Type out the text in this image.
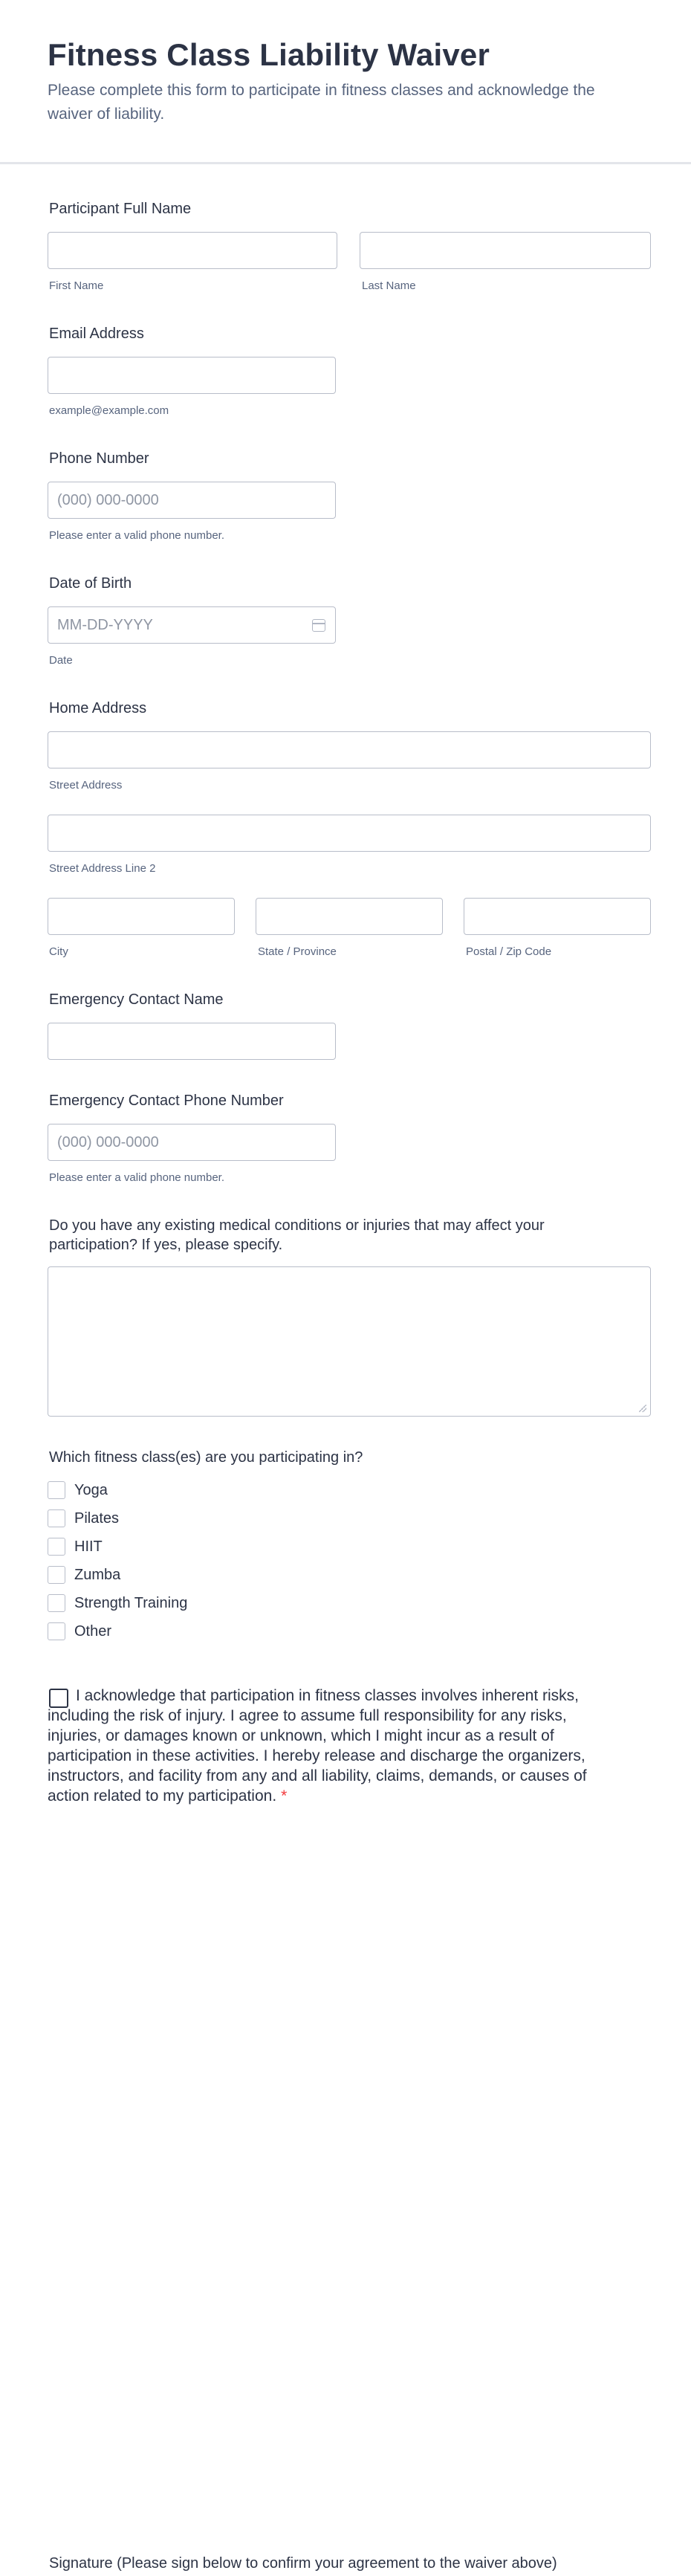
Fitness Class Liability Waiver

Please complete this form to participate in fitness classes and acknowledge the waiver of liability.

Participant Full Name

First Name	Last Name

Email Address

example@example.com

Phone Number

(000) 000-0000

Please enter a valid phone number.

Date of Birth

MM-DD-YYYY

Date

Home Address

Street Address

Street Address Line 2

City	State / Province	Postal / Zip Code

Emergency Contact Name

Emergency Contact Phone Number

(000) 000-0000

Please enter a valid phone number.

Do you have any existing medical conditions or injuries that may affect your participation? If yes, please specify.

Which fitness class(es) are you participating in?

Yoga
Pilates
HIIT
Zumba
Strength Training
Other

I acknowledge that participation in fitness classes involves inherent risks, including the risk of injury. I agree to assume full responsibility for any risks, injuries, or damages known or unknown, which I might incur as a result of participation in these activities. I hereby release and discharge the organizers, instructors, and facility from any and all liability, claims, demands, or causes of action related to my participation. *

Signature (Please sign below to confirm your agreement to the waiver above)
